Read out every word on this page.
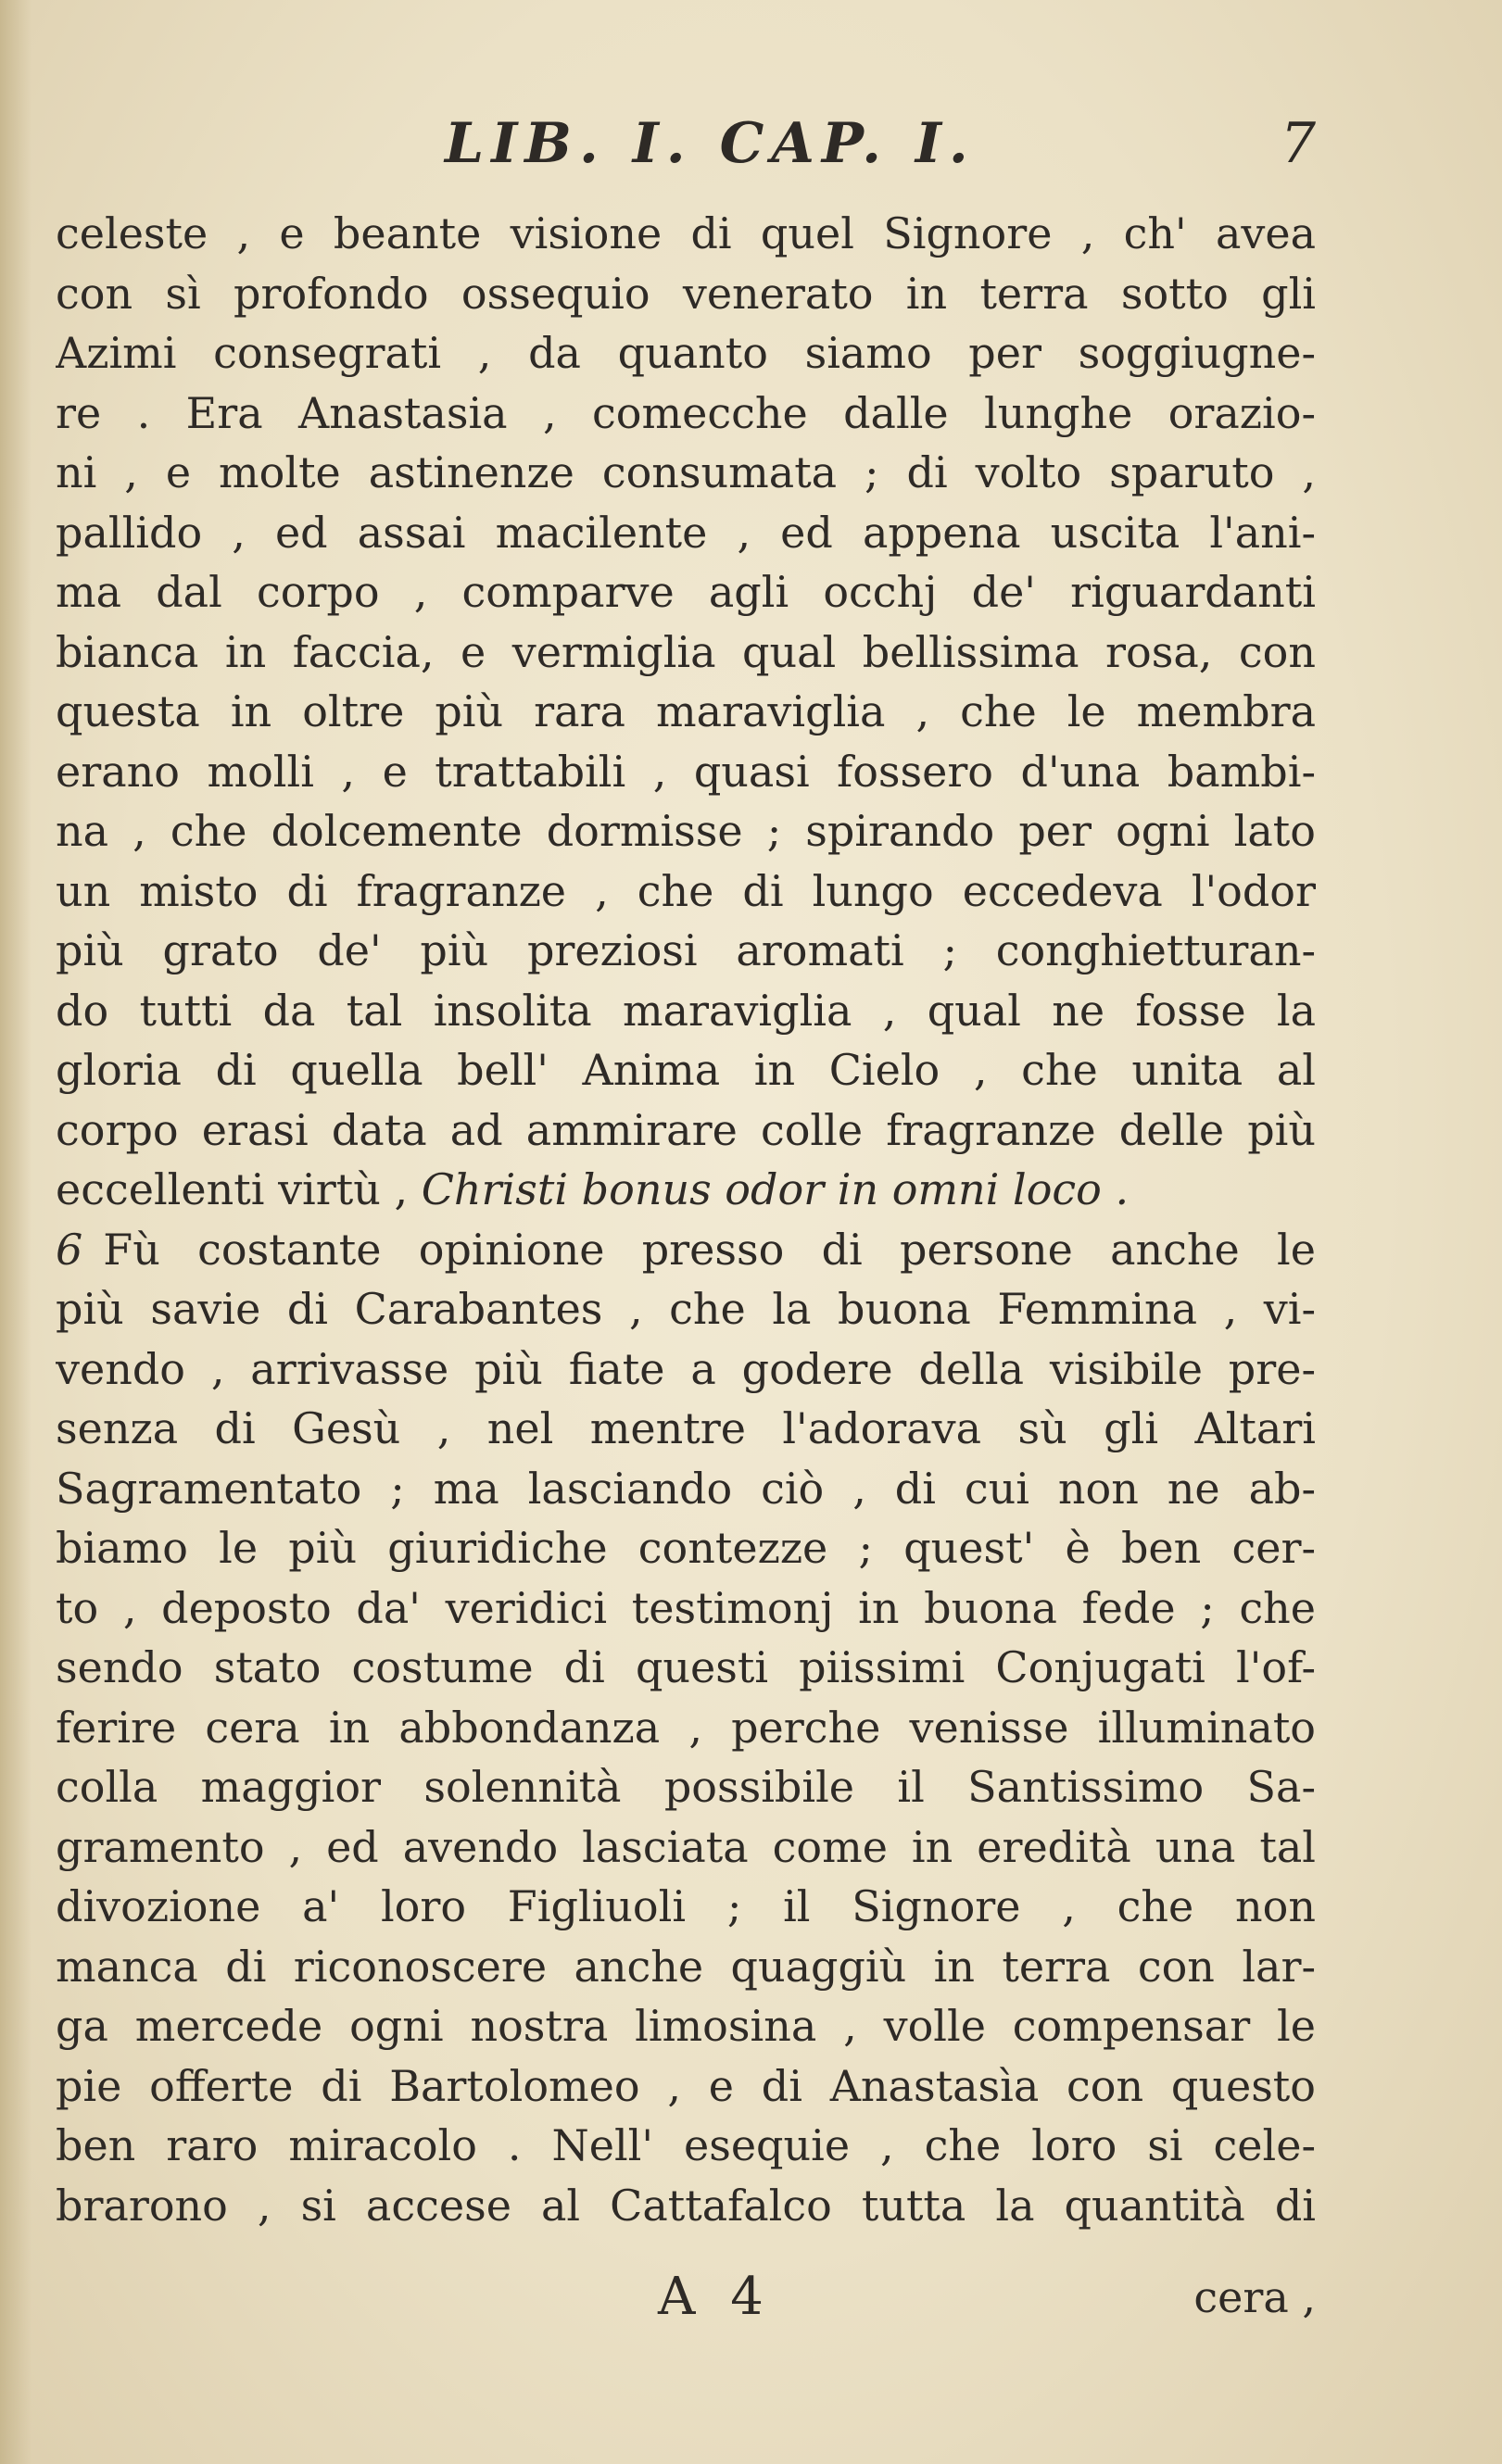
LIB. I. CAP. I.	7
celeste , e beante visione di quel Signore , ch' avea
con sì profondo ossequio venerato in terra sotto gli
Azimi consegrati , da quanto siamo per soggiugne-
re . Era Anastasia , comecche dalle lunghe orazio-
ni , e molte astinenze consumata ; di volto sparuto ,
pallido , ed assai macilente , ed appena uscita l'ani-
ma dal corpo , comparve agli occhj de' riguardanti
bianca in faccia, e vermiglia qual bellissima rosa, con
questa in oltre più rara maraviglia , che le membra
erano molli , e trattabili , quasi fossero d'una bambi-
na , che dolcemente dormisse ; spirando per ogni lato
un misto di fragranze , che di lungo eccedeva l'odor
più grato de' più preziosi aromati ; conghietturan-
do tutti da tal insolita maraviglia , qual ne fosse la
gloria di quella bell' Anima in Cielo , che unita al
corpo erasi data ad ammirare colle fragranze delle più
eccellenti virtù , Christi bonus odor in omni loco .
6 Fù costante opinione presso di persone anche le
più savie di Carabantes , che la buona Femmina , vi-
vendo , arrivasse più fiate a godere della visibile pre-
senza di Gesù , nel mentre l'adorava sù gli Altari
Sagramentato ; ma lasciando ciò , di cui non ne ab-
biamo le più giuridiche contezze ; quest' è ben cer-
to , deposto da' veridici testimonj in buona fede ; che
sendo stato costume di questi piissimi Conjugati l'of-
ferire cera in abbondanza , perche venisse illuminato
colla maggior solennità possibile il Santissimo Sa-
gramento , ed avendo lasciata come in eredità una tal
divozione a' loro Figliuoli ; il Signore , che non
manca di riconoscere anche quaggiù in terra con lar-
ga mercede ogni nostra limosina , volle compensar le
pie offerte di Bartolomeo , e di Anastasìa con questo
ben raro miracolo . Nell' esequie , che loro si cele-
brarono , si accese al Cattafalco tutta la quantità di
A 4	cera ,
